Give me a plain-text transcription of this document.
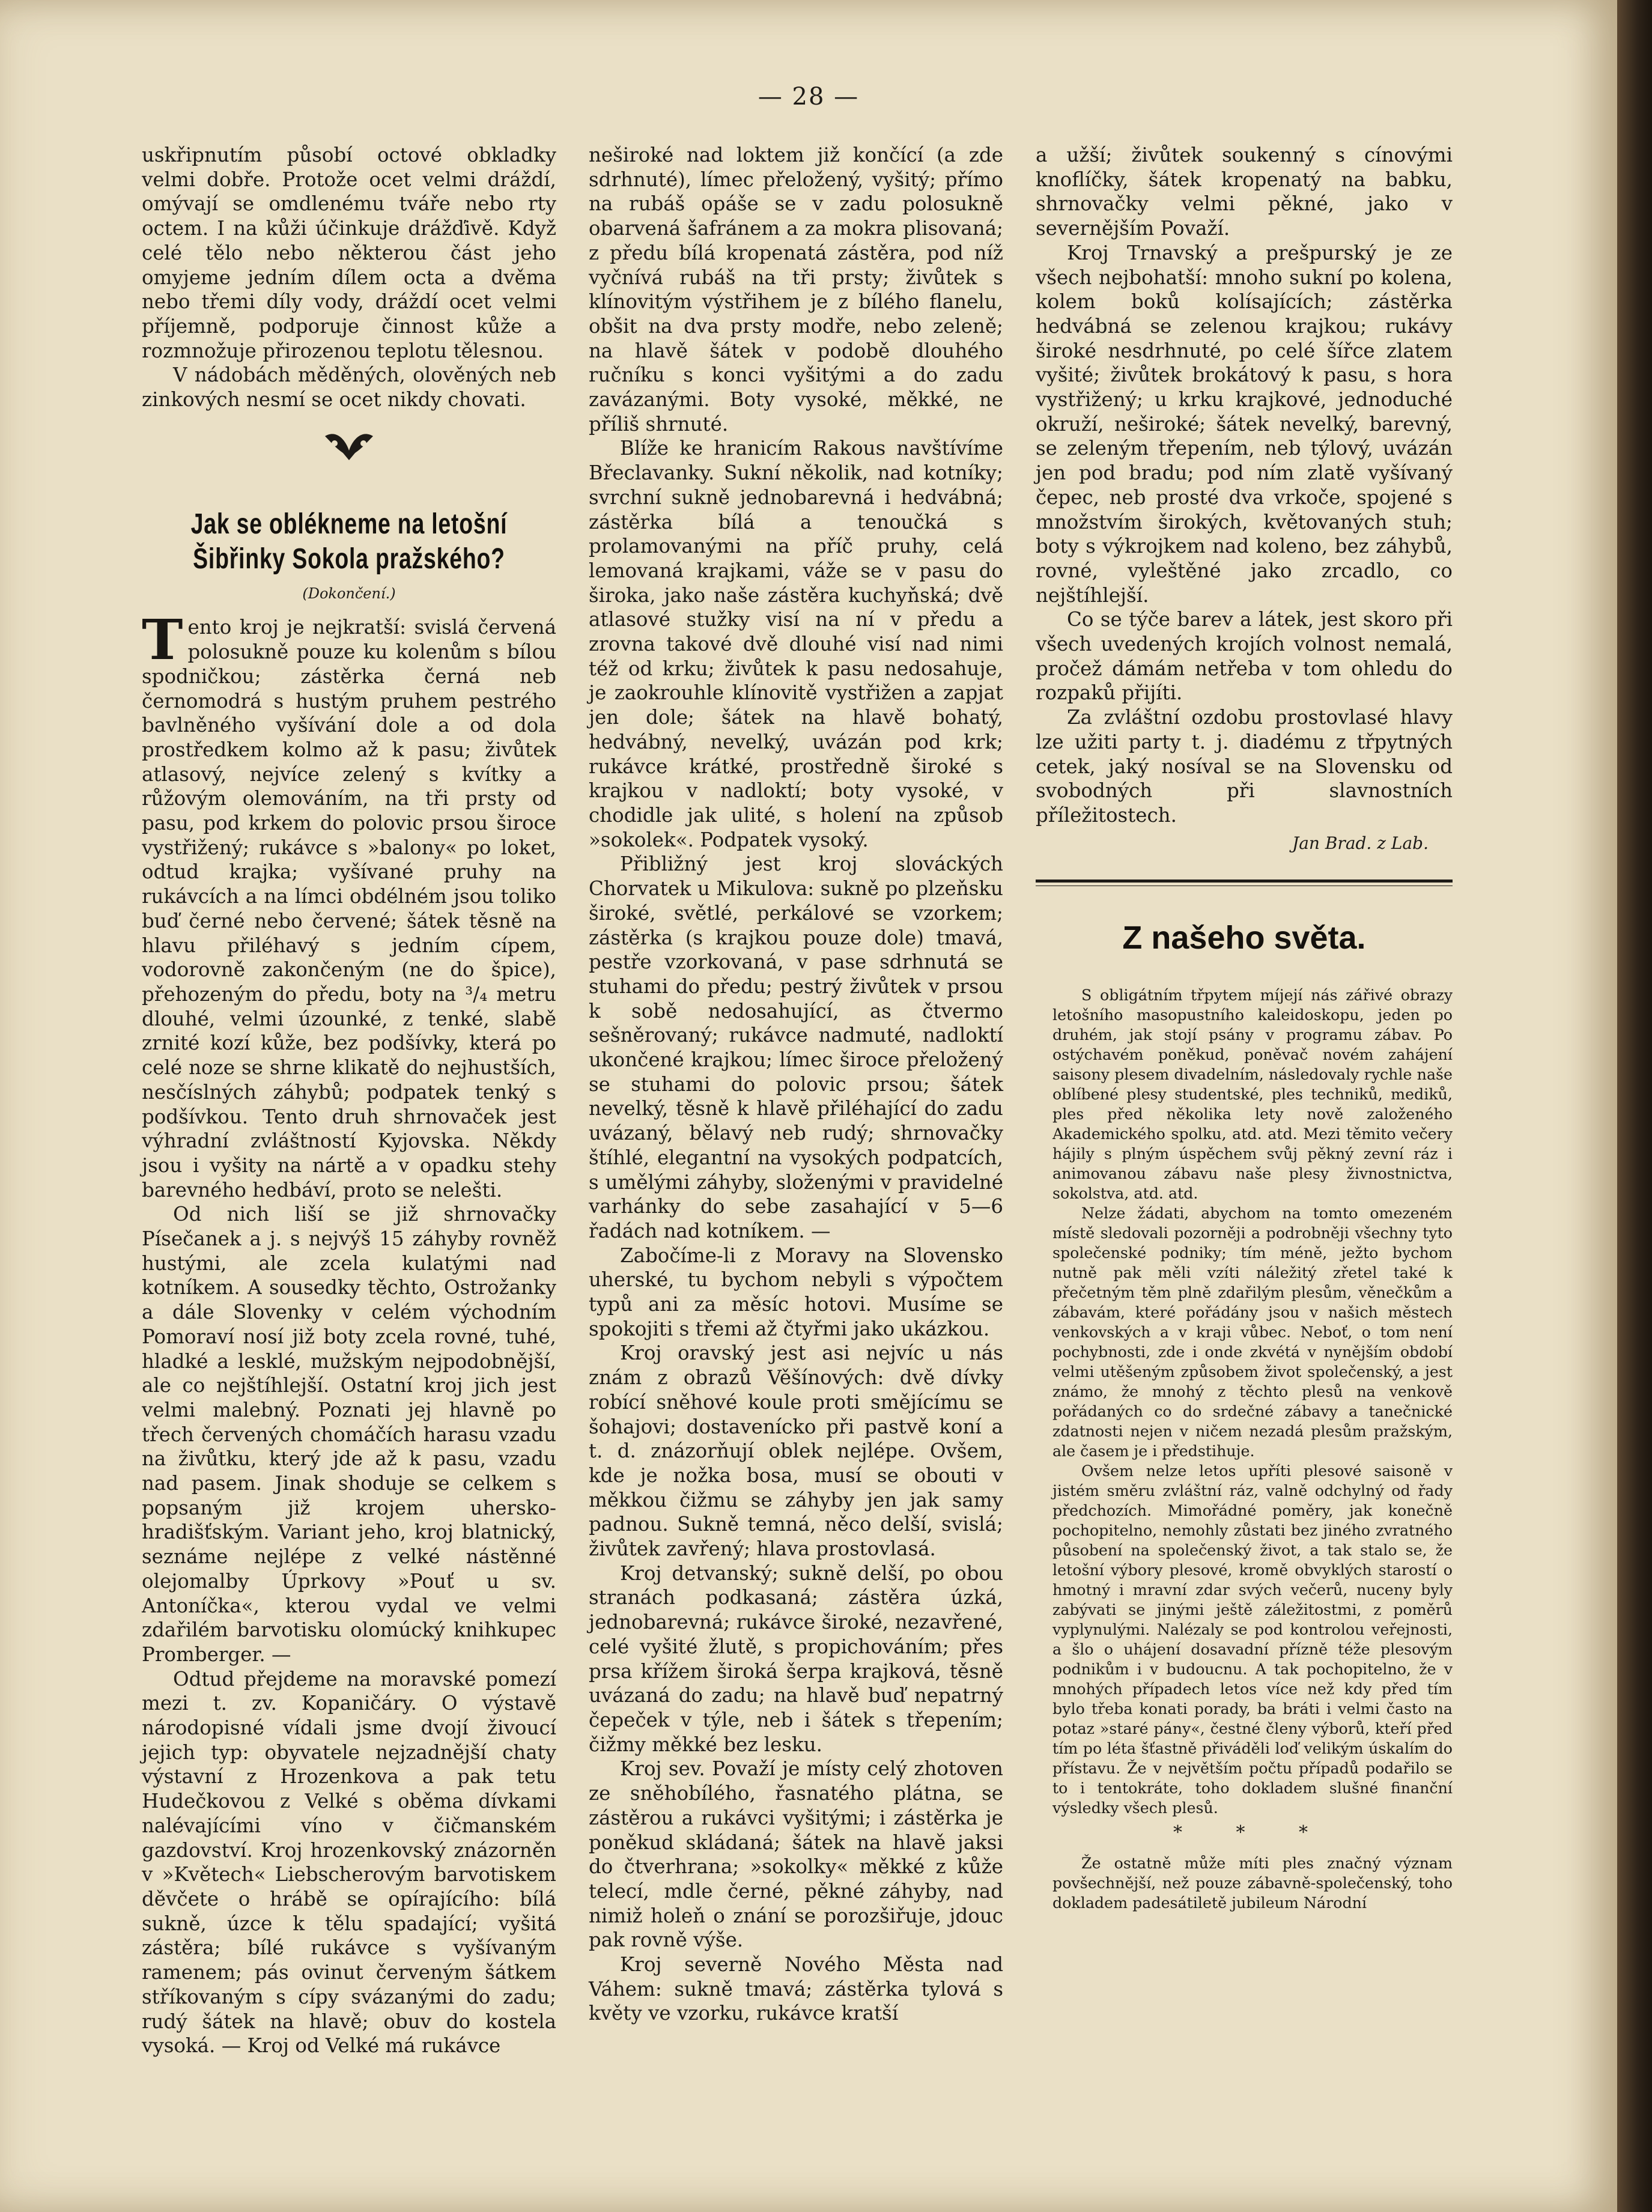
— 28 —

uskřipnutím působí octové obkladky velmi dobře. Protože ocet velmi dráždí, omývají se omdlenému tváře nebo rty octem. I na kůži účinkuje drážďivě. Když celé tělo nebo některou část jeho omyjeme jedním dílem octa a dvěma nebo třemi díly vody, dráždí ocet velmi příjemně, podporuje činnost kůže a rozmnožuje přirozenou teplotu tělesnou.

V nádobách měděných, olověných neb zinkových nesmí se ocet nikdy chovati.

Jak se oblékneme na letošní Šibřinky Sokola pražského?
(Dokončení.)

Tento kroj je nejkratší: svislá červená polosukně pouze ku kolenům s bílou spodničkou; zástěrka černá neb černomodrá s hustým pruhem pestrého bavlněného vyšívání dole a od dola prostředkem kolmo až k pasu; živůtek atlasový, nejvíce zelený s kvítky a růžovým olemováním, na tři prsty od pasu, pod krkem do polovic prsou široce vystřižený; rukávce s »balony« po loket, odtud krajka; vyšívané pruhy na rukávcích a na límci obdélném jsou toliko buď černé nebo červené; šátek těsně na hlavu přiléhavý s jedním cípem, vodorovně zakončeným (ne do špice), přehozeným do předu, boty na ³/₄ metru dlouhé, velmi úzounké, z tenké, slabě zrnité kozí kůže, bez podšívky, která po celé noze se shrne klikatě do nejhustších, nesčíslných záhybů; podpatek tenký s podšívkou. Tento druh shrnovaček jest výhradní zvláštností Kyjovska. Někdy jsou i vyšity na nártě a v opadku stehy barevného hedbáví, proto se nelešti.

Od nich liší se již shrnovačky Písečanek a j. s nejvýš 15 záhyby rovněž hustými, ale zcela kulatými nad kotníkem. A sousedky těchto, Ostrožanky a dále Slovenky v celém východním Pomoraví nosí již boty zcela rovné, tuhé, hladké a lesklé, mužským nejpodobnější, ale co nejštíhlejší. Ostatní kroj jich jest velmi malebný. Poznati jej hlavně po třech červených chomáčích harasu vzadu na živůtku, který jde až k pasu, vzadu nad pasem. Jinak shoduje se celkem s popsaným již krojem uhersko-hradišťským. Variant jeho, kroj blatnický, seznáme nejlépe z velké nástěnné olejomalby Úprkovy »Pouť u sv. Antoníčka«, kterou vydal ve velmi zdařilém barvotisku olomúcký knihkupec Promberger. —

Odtud přejdeme na moravské pomezí mezi t. zv. Kopaničáry. O výstavě národopisné vídali jsme dvojí živoucí jejich typ: obyvatele nejzadnější chaty výstavní z Hrozenkova a pak tetu Hudečkovou z Velké s oběma dívkami nalévajícími víno v čičmanském gazdovství. Kroj hrozenkovský znázorněn v »Květech« Liebscherovým barvotiskem děvčete o hrábě se opírajícího: bílá sukně, úzce k tělu spadající; vyšitá zástěra; bílé rukávce s vyšívaným ramenem; pás ovinut červeným šátkem stříkovaným s cípy svázanými do zadu; rudý šátek na hlavě; obuv do kostela vysoká. — Kroj od Velké má rukávce

neširoké nad loktem již končící (a zde sdrhnuté), límec přeložený, vyšitý; přímo na rubáš opáše se v zadu polosukně obarvená šafránem a za mokra plisovaná; z předu bílá kropenatá zástěra, pod níž vyčnívá rubáš na tři prsty; živůtek s klínovitým výstřihem je z bílého flanelu, obšit na dva prsty modře, nebo zeleně; na hlavě šátek v podobě dlouhého ručníku s konci vyšitými a do zadu zavázanými. Boty vysoké, měkké, ne příliš shrnuté.

Blíže ke hranicím Rakous navštívíme Břeclavanky. Sukní několik, nad kotníky; svrchní sukně jednobarevná i hedvábná; zástěrka bílá a tenoučká s prolamovanými na příč pruhy, celá lemovaná krajkami, váže se v pasu do široka, jako naše zástěra kuchyňská; dvě atlasové stužky visí na ní v předu a zrovna takové dvě dlouhé visí nad nimi též od krku; živůtek k pasu nedosahuje, je zaokrouhle klínovitě vystřižen a zapjat jen dole; šátek na hlavě bohatý, hedvábný, nevelký, uvázán pod krk; rukávce krátké, prostředně široké s krajkou v nadloktí; boty vysoké, v chodidle jak ulité, s holení na způsob »sokolek«. Podpatek vysoký.

Přibližný jest kroj slováckých Chorvatek u Mikulova: sukně po plzeňsku široké, světlé, perkálové se vzorkem; zástěrka (s krajkou pouze dole) tmavá, pestře vzorkovaná, v pase sdrhnutá se stuhami do předu; pestrý živůtek v prsou k sobě nedosahující, as čtvermo sešněrovaný; rukávce nadmuté, nadloktí ukončené krajkou; límec široce přeložený se stuhami do polovic prsou; šátek nevelký, těsně k hlavě přiléhající do zadu uvázaný, bělavý neb rudý; shrnovačky štíhlé, elegantní na vysokých podpatcích, s umělými záhyby, složenými v pravidelné varhánky do sebe zasahající v 5—6 řadách nad kotníkem. —

Zabočíme-li z Moravy na Slovensko uherské, tu bychom nebyli s výpočtem typů ani za měsíc hotovi. Musíme se spokojiti s třemi až čtyřmi jako ukázkou.

Kroj oravský jest asi nejvíc u nás znám z obrazů Věšínových: dvě dívky robící sněhové koule proti smějícímu se šohajovi; dostavenícko při pastvě koní a t. d. znázorňují oblek nejlépe. Ovšem, kde je nožka bosa, musí se obouti v měkkou čižmu se záhyby jen jak samy padnou. Sukně temná, něco delší, svislá; živůtek zavřený; hlava prostovlasá.

Kroj detvanský; sukně delší, po obou stranách podkasaná; zástěra úzká, jednobarevná; rukávce široké, nezavřené, celé vyšité žlutě, s propichováním; přes prsa křížem široká šerpa krajková, těsně uvázaná do zadu; na hlavě buď nepatrný čepeček v týle, neb i šátek s třepením; čižmy měkké bez lesku.

Kroj sev. Považí je místy celý zhotoven ze sněhobílého, řasnatého plátna, se zástěrou a rukávci vyšitými; i zástěrka je poněkud skládaná; šátek na hlavě jaksi do čtverhrana; »sokolky« měkké z kůže telecí, mdle černé, pěkné záhyby, nad nimiž holeň o znání se porozšiřuje, jdouc pak rovně výše.

Kroj severně Nového Města nad Váhem: sukně tmavá; zástěrka tylová s květy ve vzorku, rukávce kratší

a užší; živůtek soukenný s cínovými knoflíčky, šátek kropenatý na babku, shrnovačky velmi pěkné, jako v severnějším Považí.

Kroj Trnavský a prešpurský je ze všech nejbohatší: mnoho sukní po kolena, kolem boků kolísajících; zástěrka hedvábná se zelenou krajkou; rukávy široké nesdrhnuté, po celé šířce zlatem vyšité; živůtek brokátový k pasu, s hora vystřižený; u krku krajkové, jednoduché okruží, neširoké; šátek nevelký, barevný, se zeleným třepením, neb týlový, uvázán jen pod bradu; pod ním zlatě vyšívaný čepec, neb prosté dva vrkoče, spojené s množstvím širokých, květovaných stuh; boty s výkrojkem nad koleno, bez záhybů, rovné, vyleštěné jako zrcadlo, co nejštíhlejší.

Co se týče barev a látek, jest skoro při všech uvedených krojích volnost nemalá, pročež dámám netřeba v tom ohledu do rozpaků přijíti.

Za zvláštní ozdobu prostovlasé hlavy lze užiti party t. j. diadému z třpytných cetek, jaký nosíval se na Slovensku od svobodných při slavnostních příležitostech.

Jan Brad. z Lab.
Z našeho světa.

S obligátním třpytem míjejí nás zářivé obrazy letošního masopustního kaleidoskopu, jeden po druhém, jak stojí psány v programu zábav. Po ostýchavém poněkud, poněvač novém zahájení saisony plesem divadelním, následovaly rychle naše oblíbené plesy studentské, ples techniků, mediků, ples před několika lety nově založeného Akademického spolku, atd. atd. Mezi těmito večery hájily s plným úspěchem svůj pěkný zevní ráz i animovanou zábavu naše plesy živnostnictva, sokolstva, atd. atd.

Nelze žádati, abychom na tomto omezeném místě sledovali pozorněji a podrobněji všechny tyto společenské podniky; tím méně, ježto bychom nutně pak měli vzíti náležitý zřetel také k přečetným těm plně zdařilým plesům, věnečkům a zábavám, které pořádány jsou v našich městech venkovských a v kraji vůbec. Neboť, o tom není pochybnosti, zde i onde zkvétá v nynějším období velmi utěšeným způsobem život společenský, a jest známo, že mnohý z těchto plesů na venkově pořádaných co do srdečné zábavy a tanečnické zdatnosti nejen v ničem nezadá plesům pražským, ale časem je i předstihuje.

Ovšem nelze letos upříti plesové saisoně v jistém směru zvláštní ráz, valně odchylný od řady předchozích. Mimořádné poměry, jak konečně pochopitelno, nemohly zůstati bez jiného zvratného působení na společenský život, a tak stalo se, že letošní výbory plesové, kromě obvyklých starostí o hmotný i mravní zdar svých večerů, nuceny byly zabývati se jinými ještě záležitostmi, z poměrů vyplynulými. Nalézaly se pod kontrolou veřejnosti, a šlo o uhájení dosavadní přízně téže plesovým podnikům i v budoucnu. A tak pochopitelno, že v mnohých případech letos více než kdy před tím bylo třeba konati porady, ba bráti i velmi často na potaz »staré pány«, čestné členy výborů, kteří před tím po léta šťastně přiváděli loď velikým úskalím do přístavu. Že v největším počtu případů podařilo se to i tentokráte, toho dokladem slušné finanční výsledky všech plesů.

* * *

Že ostatně může míti ples značný význam povšechnější, než pouze zábavně-společenský, toho dokladem padesátiletě jubileum Národní
